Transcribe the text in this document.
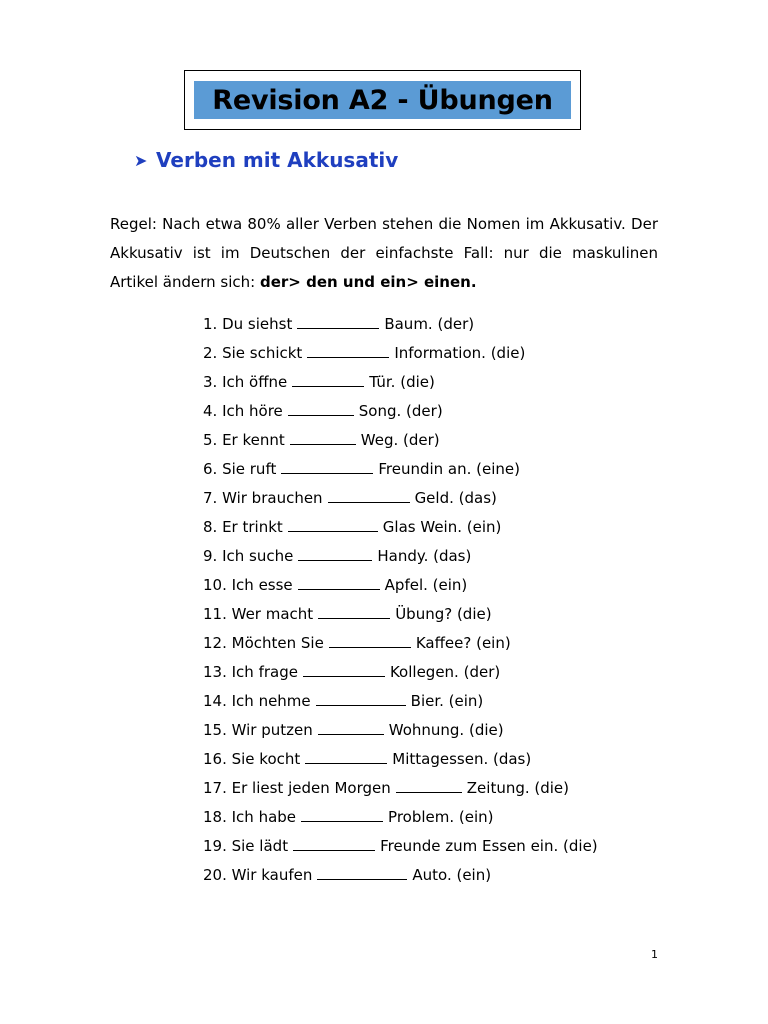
Revision A2 - Übungen
➤ Verben mit Akkusativ

Regel: Nach etwa 80% aller Verben stehen die Nomen im Akkusativ. Der Akkusativ ist im Deutschen der einfachste Fall: nur die maskulinen Artikel ändern sich: der> den und ein> einen.

1. Du siehst	Baum. (der)
2. Sie schickt	Information. (die)
3. Ich öffne	Tür. (die)
4. Ich höre	Song. (der)
5. Er kennt	Weg. (der)
6. Sie ruft	Freundin an. (eine)
7. Wir brauchen	Geld. (das)
8. Er trinkt	Glas Wein. (ein)
9. Ich suche	Handy. (das)
10. Ich esse	Apfel. (ein)
11. Wer macht	Übung? (die)
12. Möchten Sie	Kaffee? (ein)
13. Ich frage	Kollegen. (der)
14. Ich nehme	Bier. (ein)
15. Wir putzen	Wohnung. (die)
16. Sie kocht	Mittagessen. (das)
17. Er liest jeden Morgen	Zeitung. (die)
18. Ich habe	Problem. (ein)
19. Sie lädt	Freunde zum Essen ein. (die)
20. Wir kaufen	Auto. (ein)
1
